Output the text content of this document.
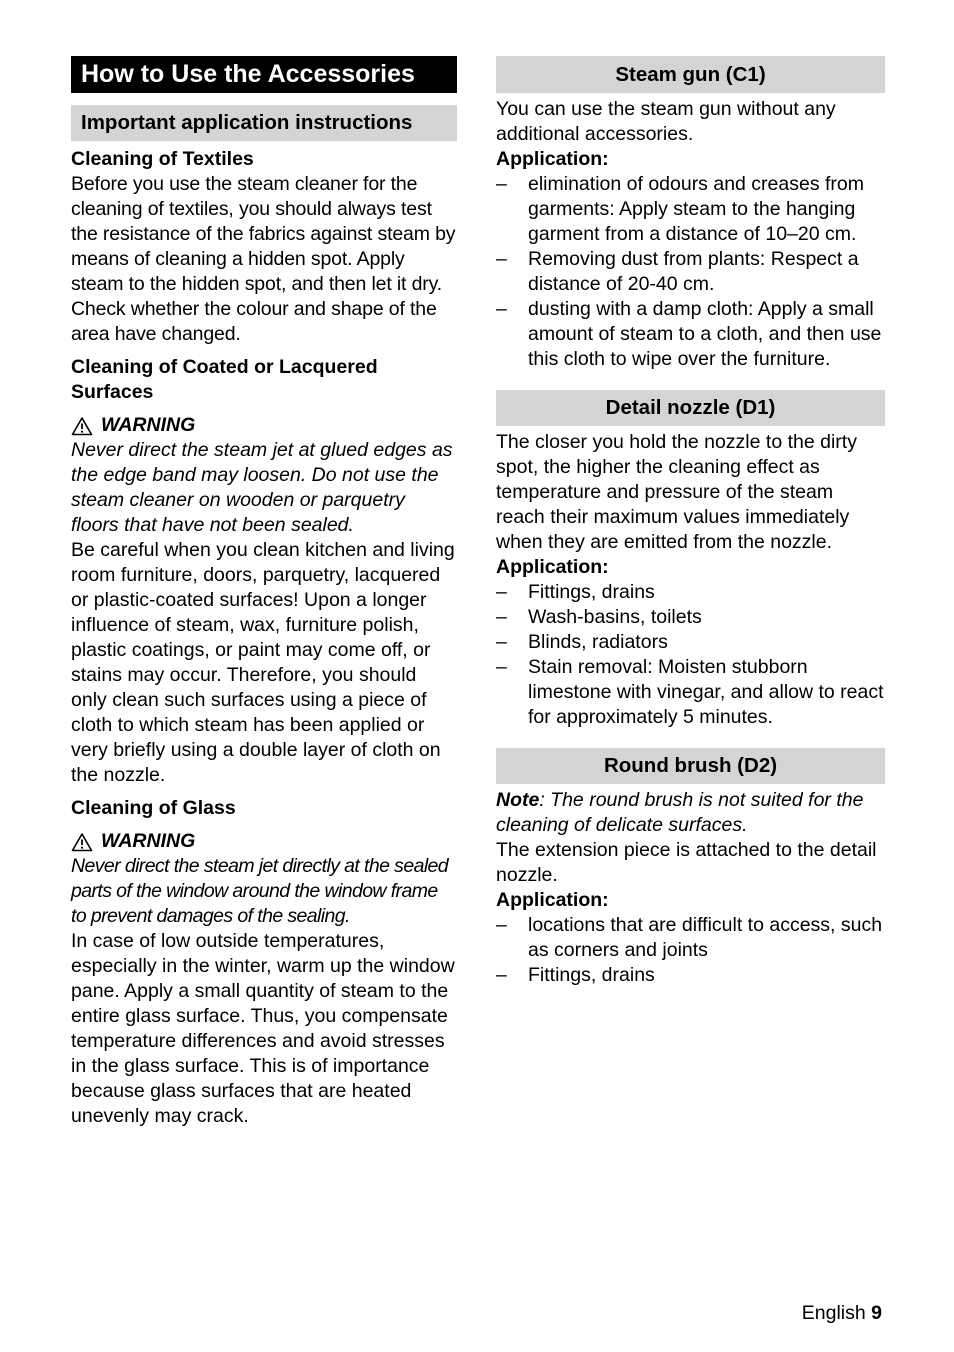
How to Use the Accessories
Important application instructions
Cleaning of Textiles

Before you use the steam cleaner for the cleaning of textiles, you should always test the resistance of the fabrics against steam by means of cleaning a hidden spot. Apply steam to the hidden spot, and then let it dry. Check whether the colour and shape of the area have changed.

Cleaning of Coated or Lacquered Surfaces
WARNING

Never direct the steam jet at glued edges as the edge band may loosen. Do not use the steam cleaner on wooden or parquetry floors that have not been sealed.

Be careful when you clean kitchen and living room furniture, doors, parquetry, lacquered or plastic-coated surfaces! Upon a longer influence of steam, wax, furniture polish, plastic coatings, or paint may come off, or stains may occur. Therefore, you should only clean such surfaces using a piece of cloth to which steam has been applied or very briefly using a double layer of cloth on the nozzle.

Cleaning of Glass
WARNING

Never direct the steam jet directly at the sealed parts of the window around the window frame to prevent damages of the sealing.

In case of low outside temperatures, especially in the winter, warm up the window pane. Apply a small quantity of steam to the entire glass surface. Thus, you compensate temperature differences and avoid stresses in the glass surface. This is of importance because glass surfaces that are heated unevenly may crack.

Steam gun (C1)

You can use the steam gun without any additional accessories.

Application:
– elimination of odours and creases from garments: Apply steam to the hanging garment from a distance of 10–20 cm.
– Removing dust from plants: Respect a distance of 20-40 cm.
– dusting with a damp cloth: Apply a small amount of steam to a cloth, and then use this cloth to wipe over the furniture.
Detail nozzle (D1)

The closer you hold the nozzle to the dirty spot, the higher the cleaning effect as temperature and pressure of the steam reach their maximum values immediately when they are emitted from the nozzle.

Application:
– Fittings, drains
– Wash-basins, toilets
– Blinds, radiators
– Stain removal: Moisten stubborn limestone with vinegar, and allow to react for approximately 5 minutes.
Round brush (D2)

Note: The round brush is not suited for the cleaning of delicate surfaces.

The extension piece is attached to the detail nozzle.

Application:
– locations that are difficult to access, such as corners and joints
– Fittings, drains
English 9
